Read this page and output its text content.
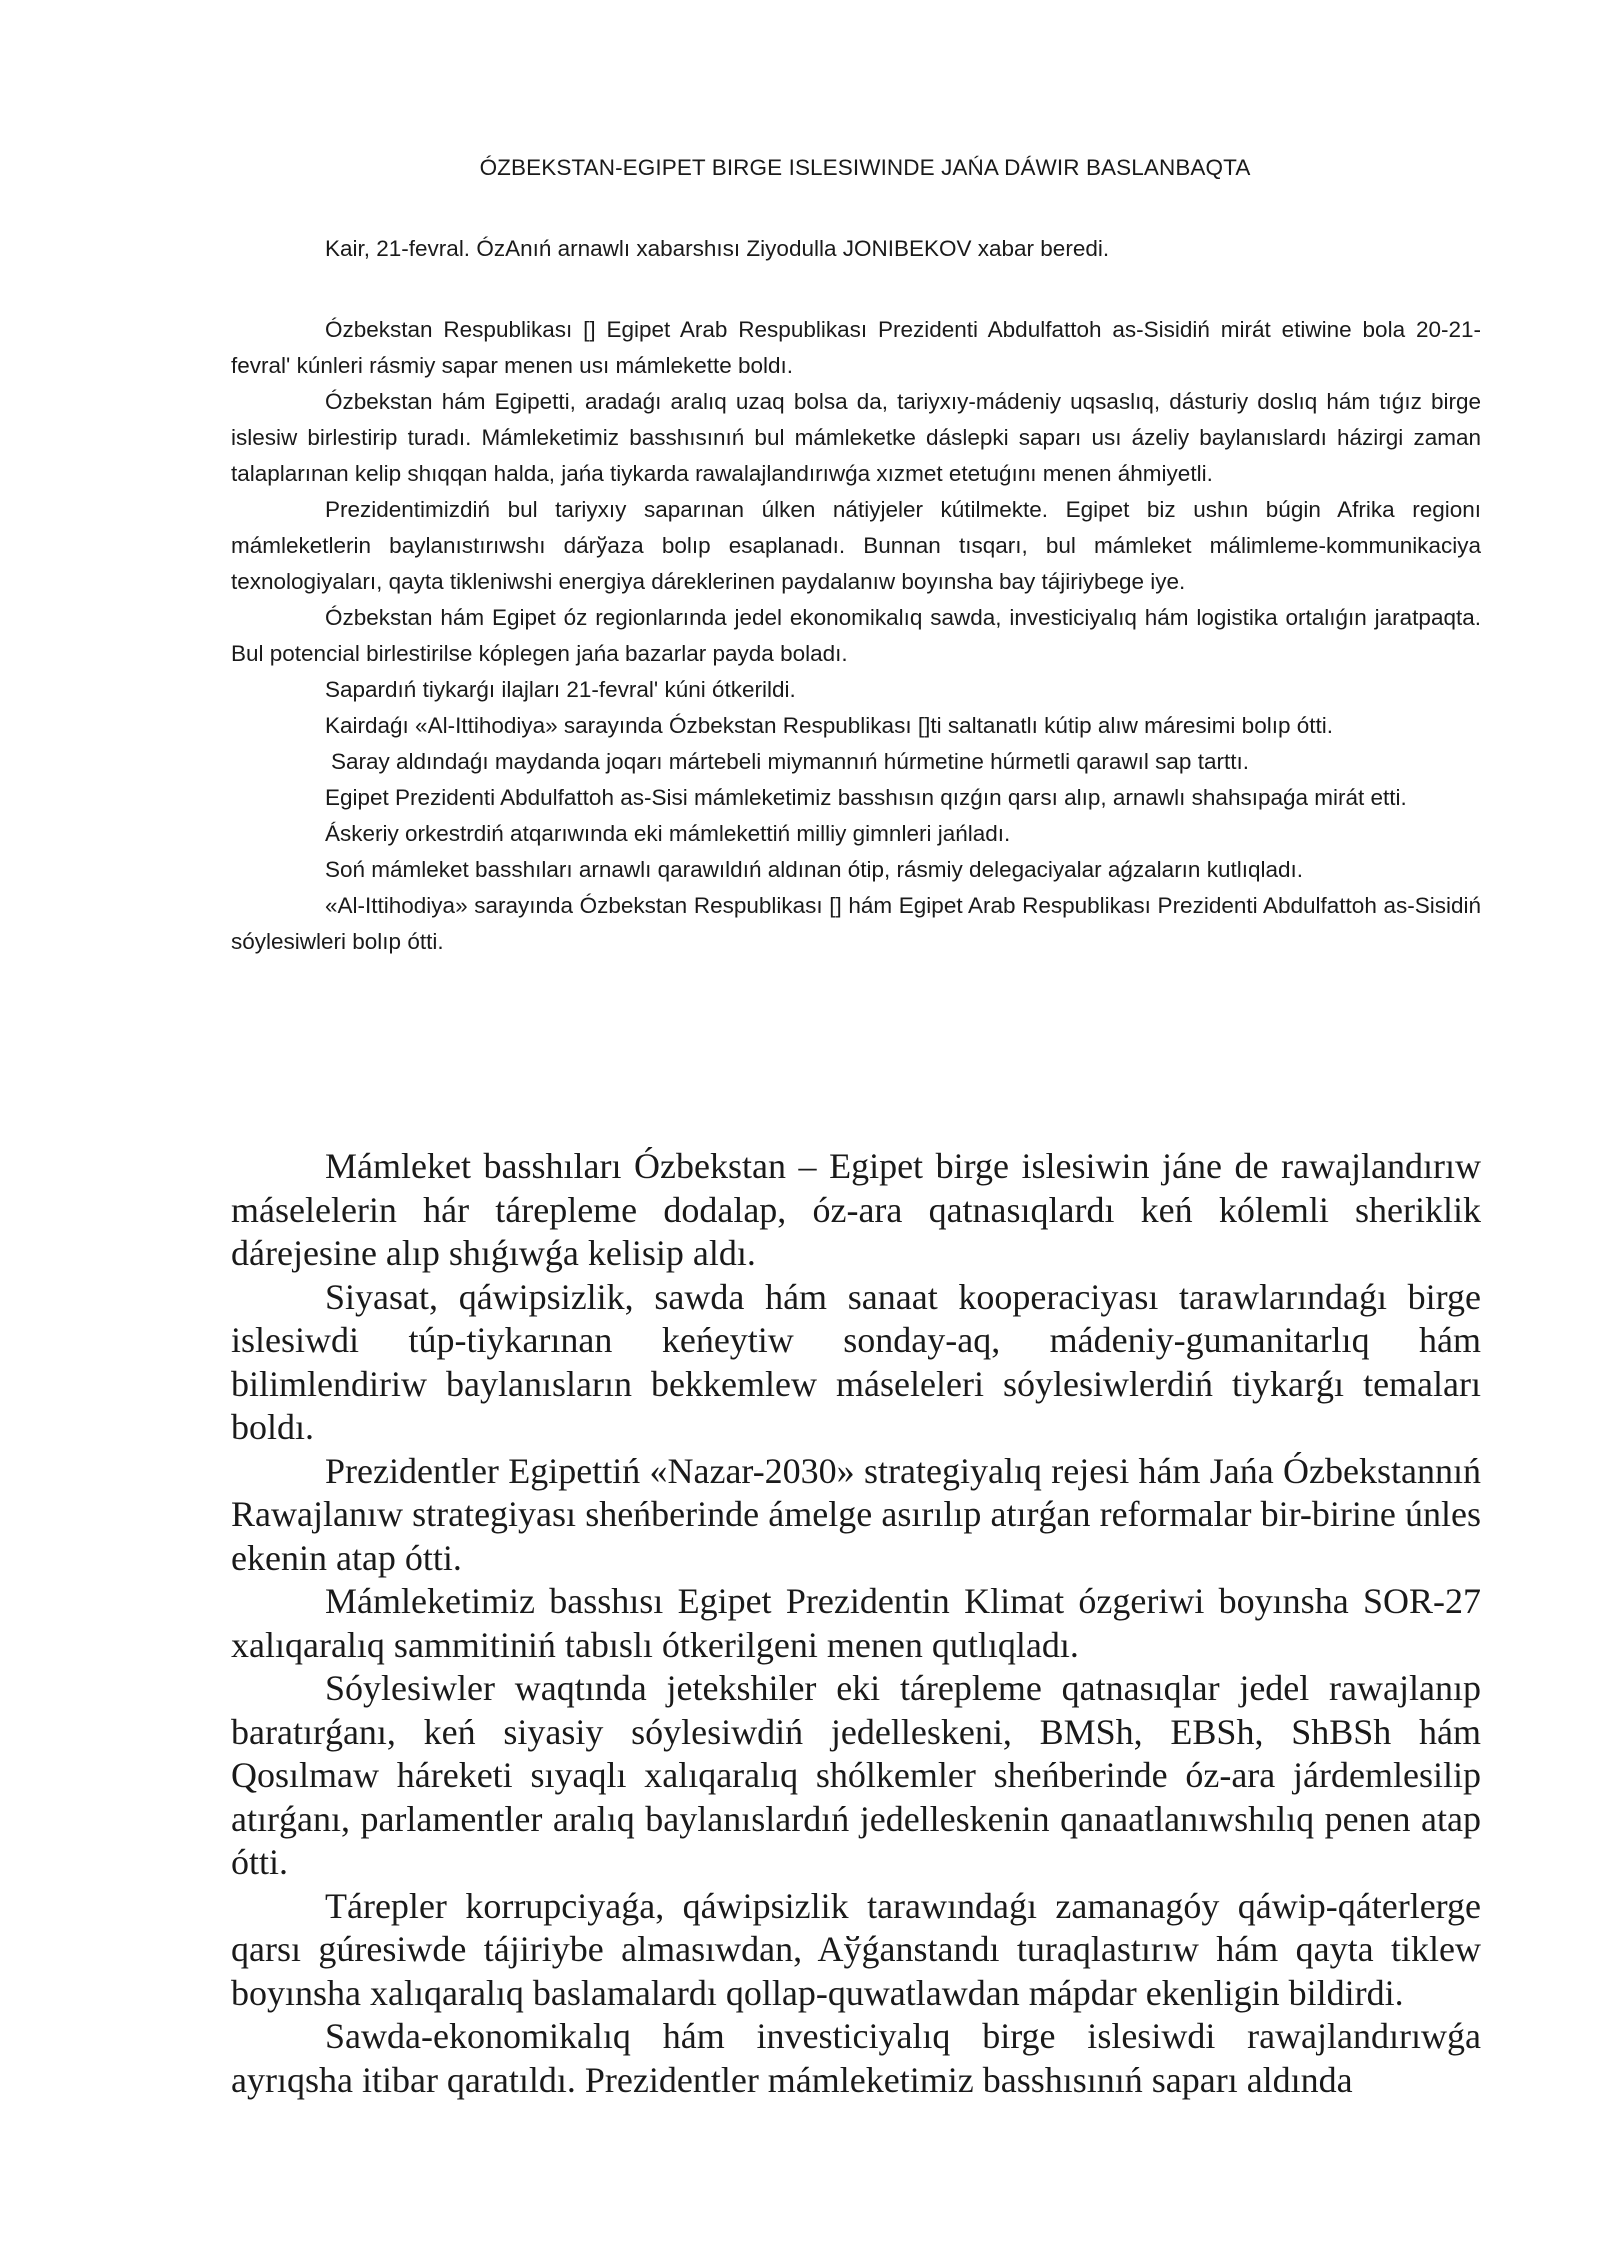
ÓZBEKSTAN-EGIPET BIRGE ISLESIWINDE JAŃA DÁWIR BASLANBAQTA

Kair, 21-fevral. ÓzAnıń arnawlı xabarshısı Ziyodulla JONIBEKOV xabar beredi.

Ózbekstan Respublikası [] Egipet Arab Respublikası Prezidenti Abdulfattoh as-Sisidiń mirát etiwine bola 20-21-fevral' kúnleri rásmiy sapar menen usı mámlekette boldı.

Ózbekstan hám Egipetti, aradaǵı aralıq uzaq bolsa da, tariyxıy-mádeniy uqsaslıq, dásturiy doslıq hám tıǵız birge islesiw birlestirip turadı. Mámleketimiz basshısınıń bul mámleketke dáslepki saparı usı ázeliy baylanıslardı házirgi zaman talaplarınan kelip shıqqan halda, jańa tiykarda rawalajlandırıwǵa xızmet etetuǵını menen áhmiyetli.

Prezidentimizdiń bul tariyxıy saparınan úlken nátiyjeler kútilmekte. Egipet biz ushın búgin Afrika regionı mámleketlerin baylanıstırıwshı dárўaza bolıp esaplanadı. Bunnan tısqarı, bul mámleket málimleme-kommunikaciya texnologiyaları, qayta tikleniwshi energiya dáreklerinen paydalanıw boyınsha bay tájiriybege iye.

Ózbekstan hám Egipet óz regionlarında jedel ekonomikalıq sawda, investiciyalıq hám logistika ortalıǵın jaratpaqta. Bul potencial birlestirilse kóplegen jańa bazarlar payda boladı.

Sapardıń tiykarǵı ilajları 21-fevral' kúni ótkerildi.

Kairdaǵı «Al-Ittihodiya» sarayında Ózbekstan Respublikası []ti saltanatlı kútip alıw máresimi bolıp ótti.

Saray aldındaǵı maydanda joqarı mártebeli miymannıń húrmetine húrmetli qarawıl sap tarttı.

Egipet Prezidenti Abdulfattoh as-Sisi mámleketimiz basshısın qızǵın qarsı alıp, arnawlı shahsıpaǵa mirát etti.

Áskeriy orkestrdiń atqarıwında eki mámlekettiń milliy gimnleri jańladı.

Soń mámleket basshıları arnawlı qarawıldıń aldınan ótip, rásmiy delegaciyalar aǵzaların kutlıqladı.

«Al-Ittihodiya» sarayında Ózbekstan Respublikası [] hám Egipet Arab Respublikası Prezidenti Abdulfattoh as-Sisidiń sóylesiwleri bolıp ótti.

Mámleket basshıları Ózbekstan – Egipet birge islesiwin jáne de rawajlandırıw máselelerin hár tárepleme dodalap, óz-ara qatnasıqlardı keń kólemli sheriklik dárejesine alıp shıǵıwǵa kelisip aldı.

Siyasat, qáwipsizlik, sawda hám sanaat kooperaciyası tarawlarındaǵı birge islesiwdi túp-tiykarınan keńeytiw sonday-aq, mádeniy-gumanitarlıq hám bilimlendiriw baylanısların bekkemlew máseleleri sóylesiwlerdiń tiykarǵı temaları boldı.

Prezidentler Egipettiń «Nazar-2030» strategiyalıq rejesi hám Jańa Ózbekstannıń Rawajlanıw strategiyası sheńberinde ámelge asırılıp atırǵan reformalar bir-birine únles ekenin atap ótti.

Mámleketimiz basshısı Egipet Prezidentin Klimat ózgeriwi boyınsha SOR-27 xalıqaralıq sammitiniń tabıslı ótkerilgeni menen qutlıqladı.

Sóylesiwler waqtında jetekshiler eki tárepleme qatnasıqlar jedel rawajlanıp baratırǵanı, keń siyasiy sóylesiwdiń jedelleskeni, BMSh, EBSh, ShBSh hám Qosılmaw háreketi sıyaqlı xalıqaralıq shólkemler sheńberinde óz-ara járdemlesilip atırǵanı, parlamentler aralıq baylanıslardıń jedelleskenin qanaatlanıwshılıq penen atap ótti.

Tárepler korrupciyaǵa, qáwipsizlik tarawındaǵı zamanagóy qáwip-qáterlerge qarsı gúresiwde tájiriybe almasıwdan, Aўǵanstandı turaqlastırıw hám qayta tiklew boyınsha xalıqaralıq baslamalardı qollap-quwatlawdan mápdar ekenligin bildirdi.

Sawda-ekonomikalıq hám investiciyalıq birge islesiwdi rawajlandırıwǵa ayrıqsha itibar qaratıldı. Prezidentler mámleketimiz basshısınıń saparı aldında
